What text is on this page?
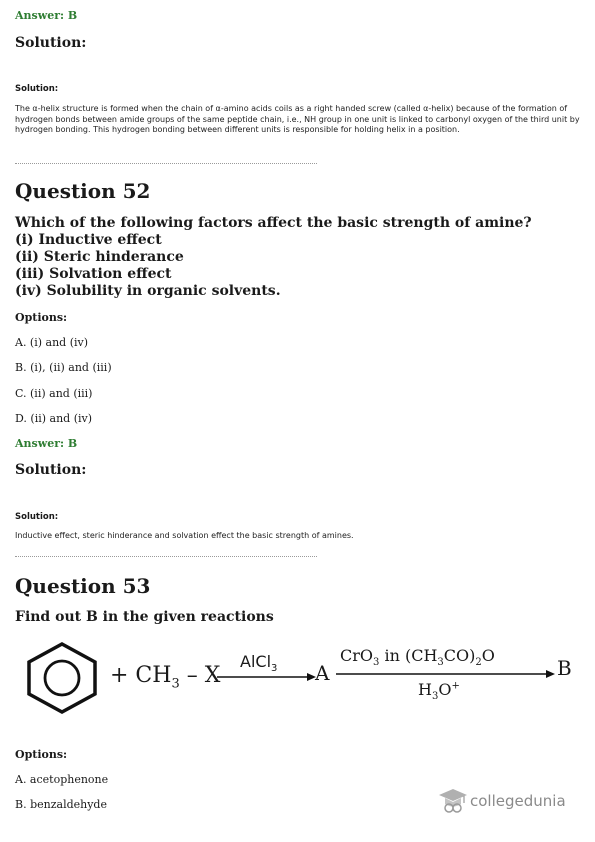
Answer: B
Solution:
Solution:
The α-helix structure is formed when the chain of α-amino acids coils as a right handed screw (called α-helix) because of the formation of hydrogen bonds between amide groups of the same peptide chain, i.e., NH group in one unit is linked to carbonyl oxygen of the third unit by hydrogen bonding. This hydrogen bonding between different units is responsible for holding helix in a position.
Question 52
Which of the following factors affect the basic strength of amine?
(i) Inductive effect
(ii) Steric hinderance
(iii) Solvation effect
(iv) Solubility in organic solvents.
Options:
A. (i) and (iv)
B. (i), (ii) and (iii)
C. (ii) and (iii)
D. (ii) and (iv)
Answer: B
Solution:
Solution:
Inductive effect, steric hinderance and solvation effect the basic strength of amines.
Question 53
Find out B in the given reactions
+ $CH_3$ – X
AlCl$_3$ A
CrO$_3$ in $(CH_3CO)_2O$
$H_3O^+$
B
Options:
A. acetophenone
B. benzaldehyde	collegedunia
